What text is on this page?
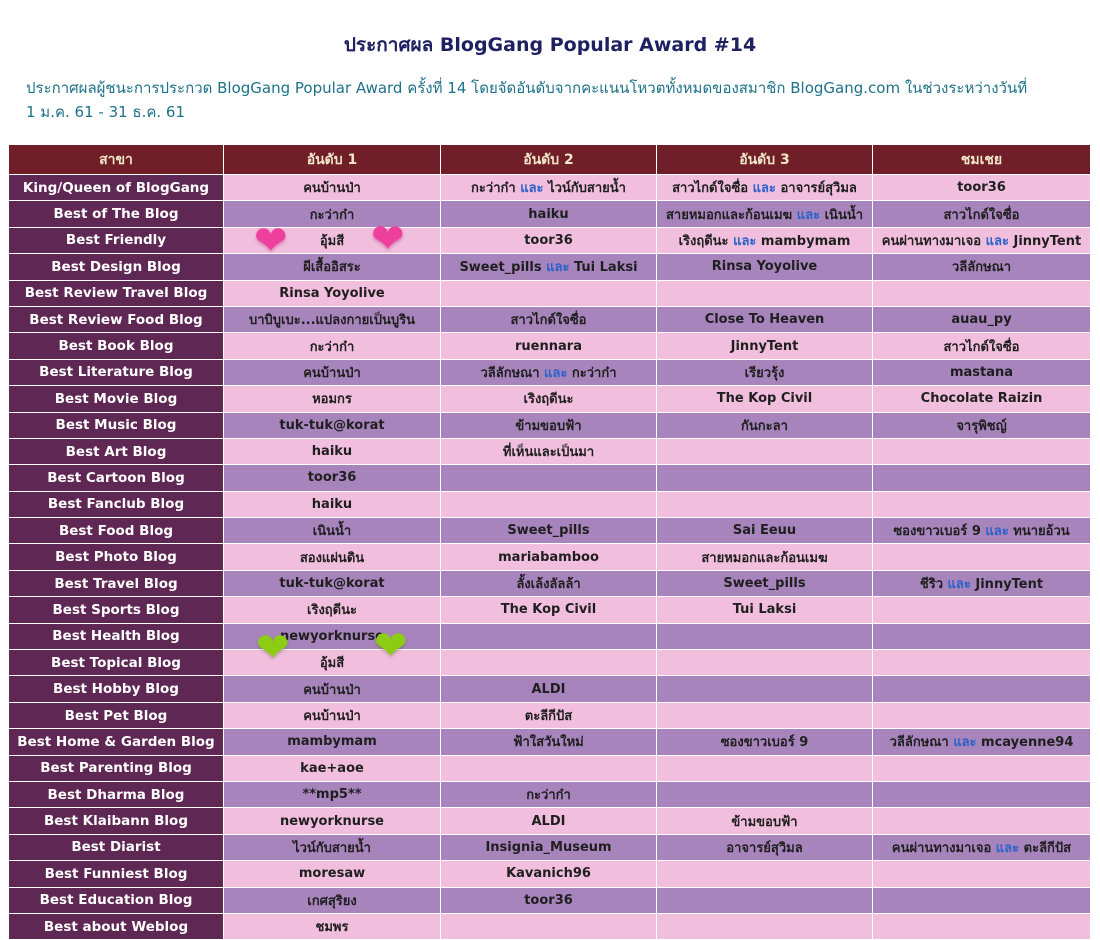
ประกาศผล BlogGang Popular Award #14
ประกาศผลผู้ชนะการประกวด BlogGang Popular Award ครั้งที่ 14 โดยจัดอันดับจากคะแนนโหวตทั้งหมดของสมาชิก BlogGang.com ในช่วงระหว่างวันที่
1 ม.ค. 61 - 31 ธ.ค. 61
สาขา	อันดับ 1	อันดับ 2	อันดับ 3	ชมเชย
King/Queen of BlogGang	คนบ้านป่า	กะว่าก๋า และ ไวน์กับสายน้ำ	สาวไกด์ใจซื่อ และ อาจารย์สุวิมล	toor36
Best of The Blog	กะว่าก๋า	haiku	สายหมอกและก้อนเมฆ และ เนินน้ำ	สาวไกด์ใจซื่อ
Best Friendly	อุ้มสี	toor36	เริงฤดีนะ และ mambymam	คนผ่านทางมาเจอ และ JinnyTent
Best Design Blog	ผีเสื้ออิสระ	Sweet_pills และ Tui Laksi	Rinsa Yoyolive	วลีลักษณา
Best Review Travel Blog	Rinsa Yoyolive			
Best Review Food Blog	บาบิบูเบะ...แปลงกายเป็นบูริน	สาวไกด์ใจซื่อ	Close To Heaven	auau_py
Best Book Blog	กะว่าก๋า	ruennara	JinnyTent	สาวไกด์ใจซื่อ
Best Literature Blog	คนบ้านป่า	วลีลักษณา และ กะว่าก๋า	เรียวรุ้ง	mastana
Best Movie Blog	หอมกร	เริงฤดีนะ	The Kop Civil	Chocolate Raizin
Best Music Blog	tuk-tuk@korat	ข้ามขอบฟ้า	กันกะลา	จารุพิชญ์
Best Art Blog	haiku	ที่เห็นและเป็นมา		
Best Cartoon Blog	toor36			
Best Fanclub Blog	haiku			
Best Food Blog	เนินน้ำ	Sweet_pills	Sai Eeuu	ซองขาวเบอร์ 9 และ ทนายอ้วน
Best Photo Blog	สองแผ่นดิน	mariabamboo	สายหมอกและก้อนเมฆ	
Best Travel Blog	tuk-tuk@korat	ลั้งเล้งลัลล้า	Sweet_pills	ชีริว และ JinnyTent
Best Sports Blog	เริงฤดีนะ	The Kop Civil	Tui Laksi	
Best Health Blog	newyorknurse			
Best Topical Blog	อุ้มสี			
Best Hobby Blog	คนบ้านป่า	ALDI		
Best Pet Blog	คนบ้านป่า	ตะลีกีปัส		
Best Home & Garden Blog	mambymam	ฟ้าใสวันใหม่	ซองขาวเบอร์ 9	วลีลักษณา และ mcayenne94
Best Parenting Blog	kae+aoe			
Best Dharma Blog	**mp5**	กะว่าก๋า		
Best Klaibann Blog	newyorknurse	ALDI	ข้ามขอบฟ้า	
Best Diarist	ไวน์กับสายน้ำ	Insignia_Museum	อาจารย์สุวิมล	คนผ่านทางมาเจอ และ ตะลีกีปัส
Best Funniest Blog	moresaw	Kavanich96		
Best Education Blog	เกศสุริยง	toor36		
Best about Weblog	ชมพร			
❤ ❤
❤ ❤
